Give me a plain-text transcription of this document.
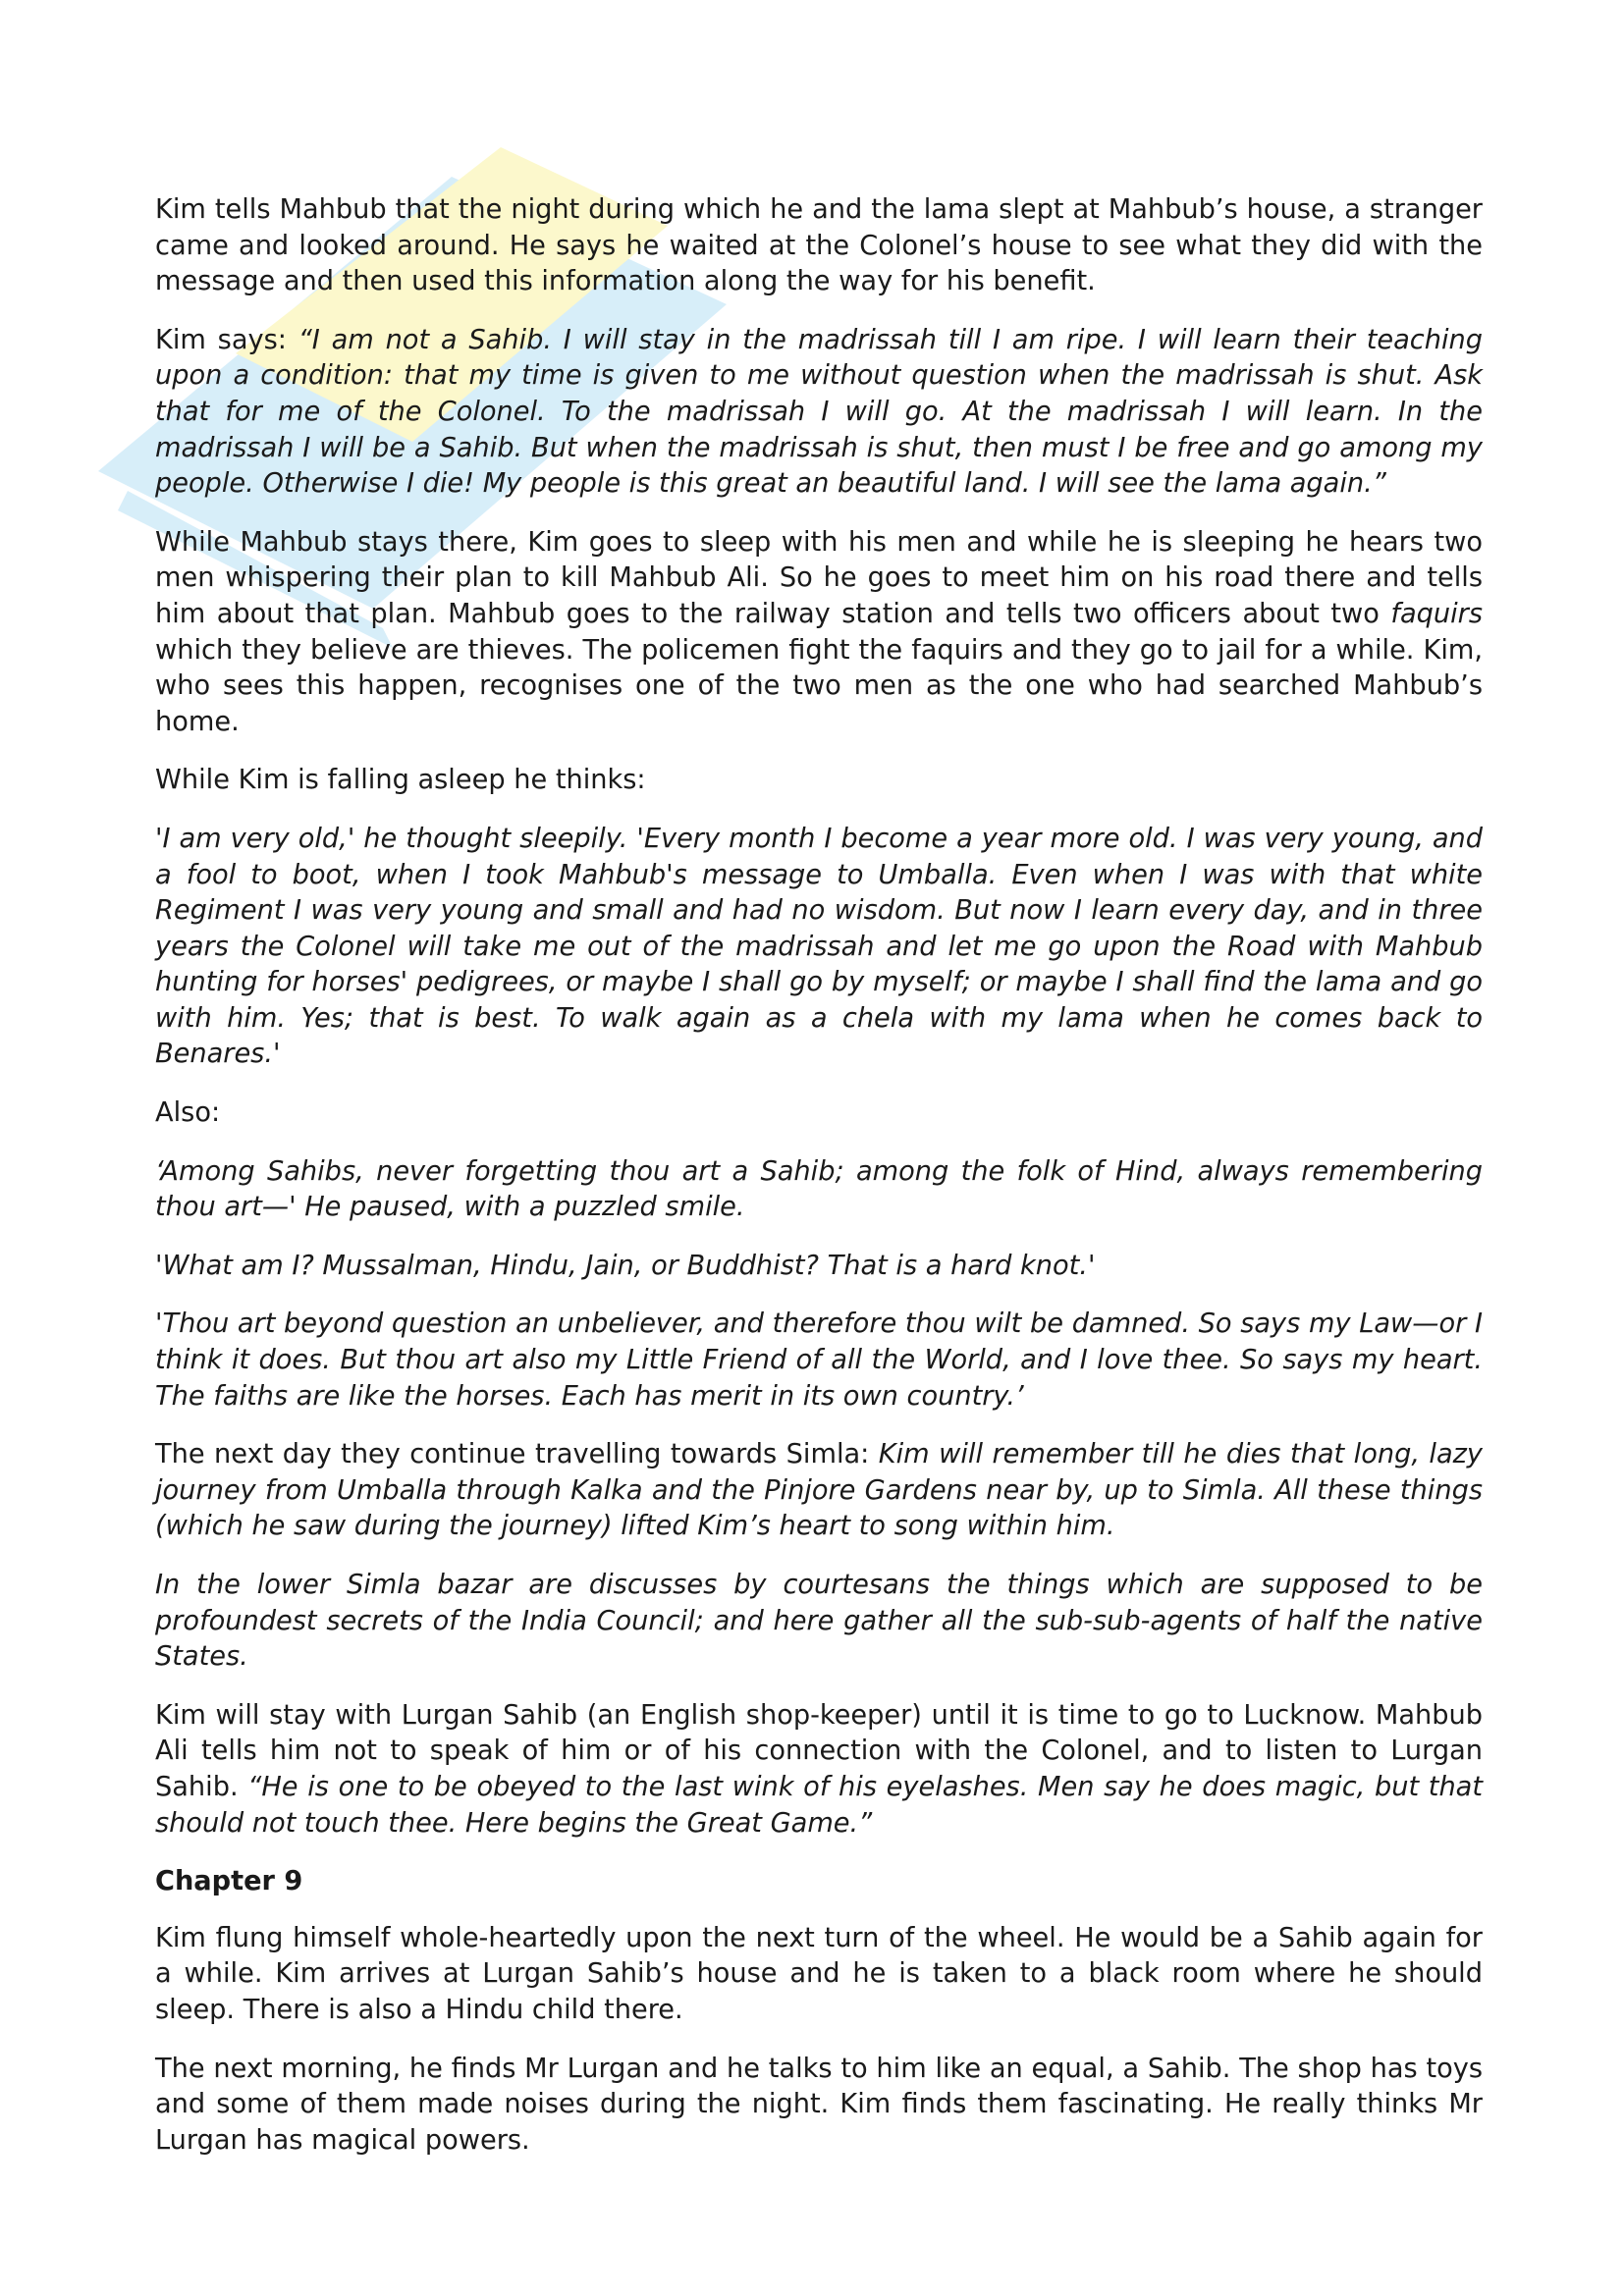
Kim tells Mahbub that the night during which he and the lama slept at Mahbub’s house, a stranger came and looked around. He says he waited at the Colonel’s house to see what they did with the message and then used this information along the way for his benefit.

Kim says: “I am not a Sahib. I will stay in the madrissah till I am ripe. I will learn their teaching upon a condition: that my time is given to me without question when the madrissah is shut. Ask that for me of the Colonel. To the madrissah I will go. At the madrissah I will learn. In the madrissah I will be a Sahib. But when the madrissah is shut, then must I be free and go among my people. Otherwise I die! My people is this great an beautiful land. I will see the lama again.”

While Mahbub stays there, Kim goes to sleep with his men and while he is sleeping he hears two men whispering their plan to kill Mahbub Ali. So he goes to meet him on his road there and tells him about that plan. Mahbub goes to the railway station and tells two officers about two faquirs which they believe are thieves. The policemen fight the faquirs and they go to jail for a while. Kim, who sees this happen, recognises one of the two men as the one who had searched Mahbub’s home.

While Kim is falling asleep he thinks:

'I am very old,' he thought sleepily. 'Every month I become a year more old. I was very young, and a fool to boot, when I took Mahbub's message to Umballa. Even when I was with that white Regiment I was very young and small and had no wisdom. But now I learn every day, and in three years the Colonel will take me out of the madrissah and let me go upon the Road with Mahbub hunting for horses' pedigrees, or maybe I shall go by myself; or maybe I shall find the lama and go with him. Yes; that is best. To walk again as a chela with my lama when he comes back to Benares.'

Also:

‘Among Sahibs, never forgetting thou art a Sahib; among the folk of Hind, always remembering thou art—' He paused, with a puzzled smile.

'What am I? Mussalman, Hindu, Jain, or Buddhist? That is a hard knot.'

'Thou art beyond question an unbeliever, and therefore thou wilt be damned. So says my Law—or I think it does. But thou art also my Little Friend of all the World, and I love thee. So says my heart. The faiths are like the horses. Each has merit in its own country.’

The next day they continue travelling towards Simla: Kim will remember till he dies that long, lazy journey from Umballa through Kalka and the Pinjore Gardens near by, up to Simla. All these things (which he saw during the journey) lifted Kim’s heart to song within him.

In the lower Simla bazar are discusses by courtesans the things which are supposed to be profoundest secrets of the India Council; and here gather all the sub-sub-agents of half the native States.

Kim will stay with Lurgan Sahib (an English shop-keeper) until it is time to go to Lucknow. Mahbub Ali tells him not to speak of him or of his connection with the Colonel, and to listen to Lurgan Sahib. “He is one to be obeyed to the last wink of his eyelashes. Men say he does magic, but that should not touch thee. Here begins the Great Game.”

Chapter 9

Kim flung himself whole-heartedly upon the next turn of the wheel. He would be a Sahib again for a while. Kim arrives at Lurgan Sahib’s house and he is taken to a black room where he should sleep. There is also a Hindu child there.

The next morning, he finds Mr Lurgan and he talks to him like an equal, a Sahib. The shop has toys and some of them made noises during the night. Kim finds them fascinating. He really thinks Mr Lurgan has magical powers.
